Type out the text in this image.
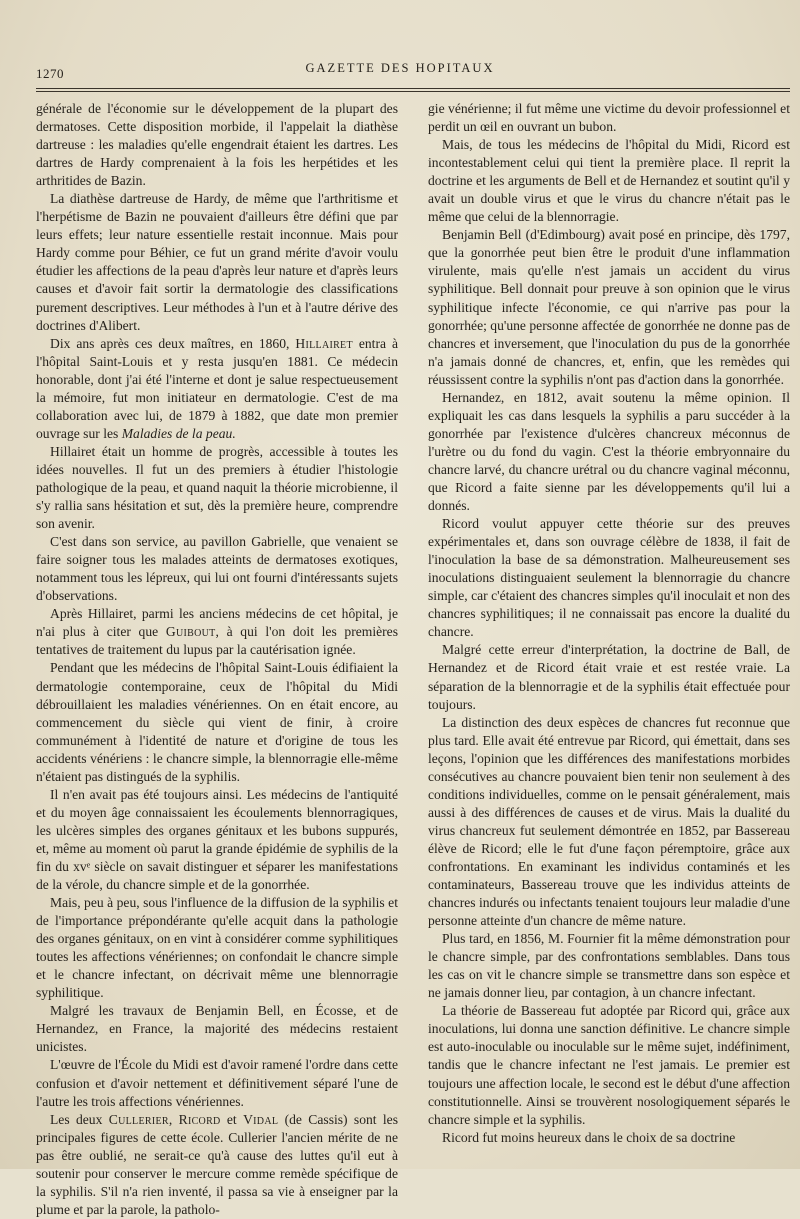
1270	GAZETTE DES HOPITAUX

générale de l'économie sur le développement de la plupart des dermatoses. Cette disposition morbide, il l'appelait la diathèse dartreuse : les maladies qu'elle engendrait étaient les dartres. Les dartres de Hardy comprenaient à la fois les herpétides et les arthritides de Bazin.

La diathèse dartreuse de Hardy, de même que l'arthritisme et l'herpétisme de Bazin ne pouvaient d'ailleurs être défini que par leurs effets; leur nature essentielle restait inconnue. Mais pour Hardy comme pour Béhier, ce fut un grand mérite d'avoir voulu étudier les affections de la peau d'après leur nature et d'après leurs causes et d'avoir fait sortir la dermatologie des classifications purement descriptives. Leur méthodes à l'un et à l'autre dérive des doctrines d'Alibert.

Dix ans après ces deux maîtres, en 1860, Hillairet entra à l'hôpital Saint-Louis et y resta jusqu'en 1881. Ce médecin honorable, dont j'ai été l'interne et dont je salue respectueusement la mémoire, fut mon initiateur en dermatologie. C'est de ma collaboration avec lui, de 1879 à 1882, que date mon premier ouvrage sur les Maladies de la peau.

Hillairet était un homme de progrès, accessible à toutes les idées nouvelles. Il fut un des premiers à étudier l'histologie pathologique de la peau, et quand naquit la théorie microbienne, il s'y rallia sans hésitation et sut, dès la première heure, comprendre son avenir.

C'est dans son service, au pavillon Gabrielle, que venaient se faire soigner tous les malades atteints de dermatoses exotiques, notamment tous les lépreux, qui lui ont fourni d'intéressants sujets d'observations.

Après Hillairet, parmi les anciens médecins de cet hôpital, je n'ai plus à citer que Guibout, à qui l'on doit les premières tentatives de traitement du lupus par la cautérisation ignée.

Pendant que les médecins de l'hôpital Saint-Louis édifiaient la dermatologie contemporaine, ceux de l'hôpital du Midi débrouillaient les maladies vénériennes. On en était encore, au commencement du siècle qui vient de finir, à croire communément à l'identité de nature et d'origine de tous les accidents vénériens : le chancre simple, la blennorragie elle-même n'étaient pas distingués de la syphilis.

Il n'en avait pas été toujours ainsi. Les médecins de l'antiquité et du moyen âge connaissaient les écoulements blennorragiques, les ulcères simples des organes génitaux et les bubons suppurés, et, même au moment où parut la grande épidémie de syphilis de la fin du xvᵉ siècle on savait distinguer et séparer les manifestations de la vérole, du chancre simple et de la gonorrhée.

Mais, peu à peu, sous l'influence de la diffusion de la syphilis et de l'importance prépondérante qu'elle acquit dans la pathologie des organes génitaux, on en vint à considérer comme syphilitiques toutes les affections vénériennes; on confondait le chancre simple et le chancre infectant, on décrivait même une blennorragie syphilitique.

Malgré les travaux de Benjamin Bell, en Écosse, et de Hernandez, en France, la majorité des médecins restaient unicistes.

L'œuvre de l'École du Midi est d'avoir ramené l'ordre dans cette confusion et d'avoir nettement et définitivement séparé l'une de l'autre les trois affections vénériennes.

Les deux Cullerier, Ricord et Vidal (de Cassis) sont les principales figures de cette école. Cullerier l'ancien mérite de ne pas être oublié, ne serait-ce qu'à cause des luttes qu'il eut à soutenir pour conserver le mercure comme remède spécifique de la syphilis. S'il n'a rien inventé, il passa sa vie à enseigner par la plume et par la parole, la patholo-

gie vénérienne; il fut même une victime du devoir professionnel et perdit un œil en ouvrant un bubon.

Mais, de tous les médecins de l'hôpital du Midi, Ricord est incontestablement celui qui tient la première place. Il reprit la doctrine et les arguments de Bell et de Hernandez et soutint qu'il y avait un double virus et que le virus du chancre n'était pas le même que celui de la blennorragie.

Benjamin Bell (d'Edimbourg) avait posé en principe, dès 1797, que la gonorrhée peut bien être le produit d'une inflammation virulente, mais qu'elle n'est jamais un accident du virus syphilitique. Bell donnait pour preuve à son opinion que le virus syphilitique infecte l'économie, ce qui n'arrive pas pour la gonorrhée; qu'une personne affectée de gonorrhée ne donne pas de chancres et inversement, que l'inoculation du pus de la gonorrhée n'a jamais donné de chancres, et, enfin, que les remèdes qui réussissent contre la syphilis n'ont pas d'action dans la gonorrhée.

Hernandez, en 1812, avait soutenu la même opinion. Il expliquait les cas dans lesquels la syphilis a paru succéder à la gonorrhée par l'existence d'ulcères chancreux méconnus de l'urètre ou du fond du vagin. C'est la théorie embryonnaire du chancre larvé, du chancre urétral ou du chancre vaginal méconnu, que Ricord a faite sienne par les développements qu'il lui a donnés.

Ricord voulut appuyer cette théorie sur des preuves expérimentales et, dans son ouvrage célèbre de 1838, il fait de l'inoculation la base de sa démonstration. Malheureusement ses inoculations distinguaient seulement la blennorragie du chancre simple, car c'étaient des chancres simples qu'il inoculait et non des chancres syphilitiques; il ne connaissait pas encore la dualité du chancre.

Malgré cette erreur d'interprétation, la doctrine de Ball, de Hernandez et de Ricord était vraie et est restée vraie. La séparation de la blennorragie et de la syphilis était effectuée pour toujours.

La distinction des deux espèces de chancres fut reconnue que plus tard. Elle avait été entrevue par Ricord, qui émettait, dans ses leçons, l'opinion que les différences des manifestations morbides consécutives au chancre pouvaient bien tenir non seulement à des conditions individuelles, comme on le pensait généralement, mais aussi à des différences de causes et de virus. Mais la dualité du virus chancreux fut seulement démontrée en 1852, par Bassereau élève de Ricord; elle le fut d'une façon péremptoire, grâce aux confrontations. En examinant les individus contaminés et les contaminateurs, Bassereau trouve que les individus atteints de chancres indurés ou infectants tenaient toujours leur maladie d'une personne atteinte d'un chancre de même nature.

Plus tard, en 1856, M. Fournier fit la même démonstration pour le chancre simple, par des confrontations semblables. Dans tous les cas on vit le chancre simple se transmettre dans son espèce et ne jamais donner lieu, par contagion, à un chancre infectant.

La théorie de Bassereau fut adoptée par Ricord qui, grâce aux inoculations, lui donna une sanction définitive. Le chancre simple est auto-inoculable ou inoculable sur le même sujet, indéfiniment, tandis que le chancre infectant ne l'est jamais. Le premier est toujours une affection locale, le second est le début d'une affection constitutionnelle. Ainsi se trouvèrent nosologiquement séparés le chancre simple et la syphilis.

Ricord fut moins heureux dans le choix de sa doctrine
